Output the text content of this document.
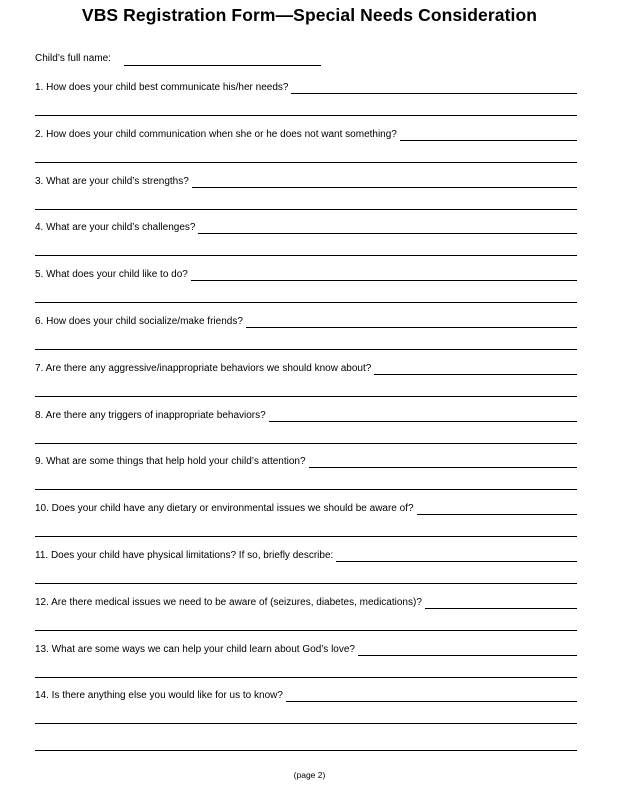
VBS Registration Form—Special Needs Consideration
Child’s full name:
1. How does your child best communicate his/her needs?
2. How does your child communication when she or he does not want something?
3. What are your child’s strengths?
4. What are your child’s challenges?
5. What does your child like to do?
6. How does your child socialize/make friends?
7. Are there any aggressive/inappropriate behaviors we should know about?
8. Are there any triggers of inappropriate behaviors?
9. What are some things that help hold your child’s attention?
10. Does your child have any dietary or environmental issues we should be aware of?
11. Does your child have physical limitations? If so, briefly describe:
12. Are there medical issues we need to be aware of (seizures, diabetes, medications)?
13. What are some ways we can help your child learn about God’s love?
14. Is there anything else you would like for us to know?
(page 2)
